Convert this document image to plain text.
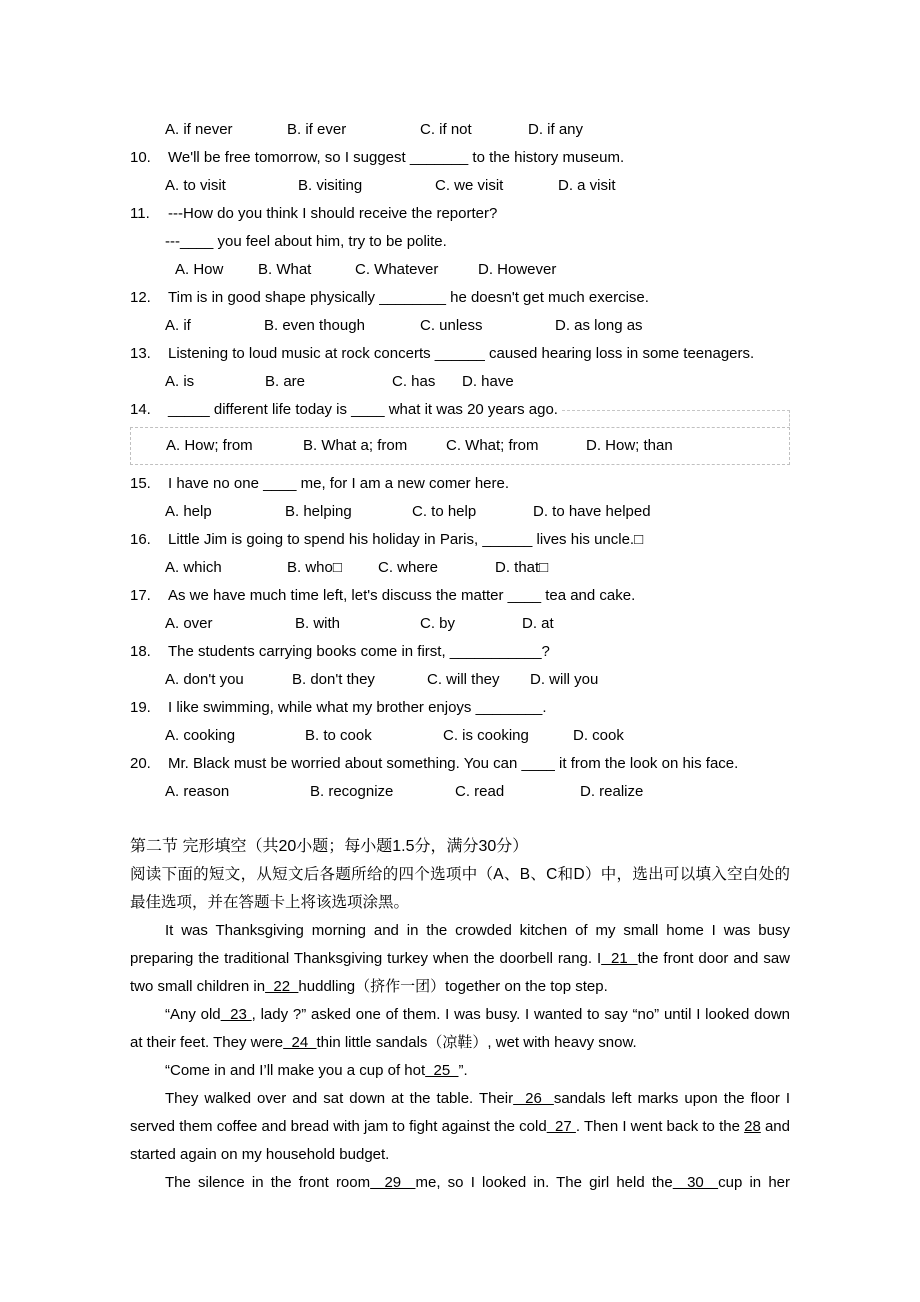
A. if never	B. if ever	C. if not	D. if any
10.	We'll be free tomorrow, so I suggest _______ to the history museum.
A. to visit	B. visiting	C. we visit	D. a visit
11.	---How do you think I should receive the reporter?
---____ you feel about him, try to be polite.
A. How	B. What	C. Whatever	D. However
12.	Tim is in good shape physically ________ he doesn't get much exercise.
A. if	B. even though	C. unless	D. as long as
13.	Listening to loud music at rock concerts ______ caused hearing loss in some teenagers.
A. is	B. are	C. has	D. have
14.	_____ different life today is ____ what it was 20 years ago.
A. How; from	B. What a; from	C. What; from	D. How; than
15.	I have no one ____ me, for I am a new comer here.
A. help	B. helping	C. to help	D. to have helped
16.	Little Jim is going to spend his holiday in Paris, ______ lives his uncle.□
A. which	B. who□	C. where	D. that□
17.	As we have much time left, let's discuss the matter ____ tea and cake.
A. over	B. with	C. by	D. at
18.	The students carrying books come in first, ___________?
A. don't you	B. don't they	C. will they	D. will you
19.	I like swimming, while what my brother enjoys ________.
A. cooking	B. to cook	C. is cooking	D. cook
20.	Mr. Black must be worried about something. You can ____ it from the look on his face.
A. reason	B. recognize	C. read	D. realize
第二节 完形填空（共20小题；每小题1.5分，满分30分）
阅读下面的短文，从短文后各题所给的四个选项中（A、B、C和D）中，选出可以填入空白处的最佳选项，并在答题卡上将该选项涂黑。

It was Thanksgiving morning and in the crowded kitchen of my small home I was busy preparing the traditional Thanksgiving turkey when the doorbell rang. I  21  the front door and saw two small children in  22  huddling（挤作一团）together on the top step.

“Any old  23 , lady ?” asked one of them. I was busy. I wanted to say “no” until I looked down at their feet. They were  24  thin little sandals（凉鞋）, wet with heavy snow.

“Come in and I’ll make you a cup of hot  25  ”.

They walked over and sat down at the table. Their  26  sandals left marks upon the floor I served them coffee and bread with jam to fight against the cold  27 . Then I went back to the 28 and started again on my household budget.

The silence in the front room  29  me, so I looked in. The girl held the  30  cup in her
